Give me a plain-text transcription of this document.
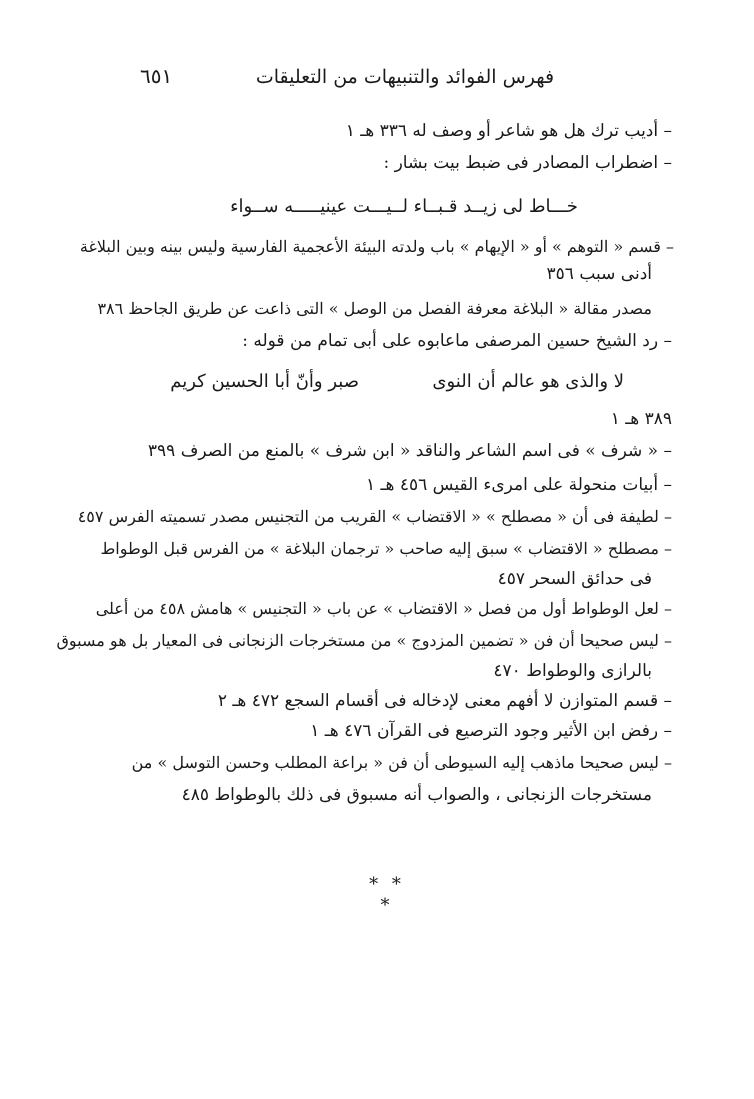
فهرس الفوائد والتنبيهات من التعليقات
٦٥١
– أديب ترك هل هو شاعر أو وصف له ٣٣٦ هـ ١
– اضطراب المصادر فى ضبط بيت بشار :
خـــاط لى زيــد قـبــاء لــيـــت عينيـــــه ســواء
– قسم « التوهم » أو « الإيهام » باب ولدته البيئة الأعجمية الفارسية وليس بينه وبين البلاغة
أدنى سبب ٣٥٦
مصدر مقالة « البلاغة معرفة الفصل من الوصل » التى ذاعت عن طريق الجاحظ ٣٨٦
– رد الشيخ حسين المرصفى ماعابوه على أبى تمام من قوله :
لا والذى هو عالم أن النوى
صبر وأنّ أبا الحسين كريم
٣٨٩ هـ ١
– « شرف » فى اسم الشاعر والناقد « ابن شرف » بالمنع من الصرف ٣٩٩
– أبيات منحولة على امرىء القيس ٤٥٦ هـ ١
– لطيفة فى أن « مصطلح » « الاقتضاب » القريب من التجنيس مصدر تسميته الفرس ٤٥٧
– مصطلح « الاقتضاب » سبق إليه صاحب « ترجمان البلاغة » من الفرس قبل الوطواط
فى حدائق السحر ٤٥٧
– لعل الوطواط أول من فصل « الاقتضاب » عن باب « التجنيس » هامش ٤٥٨ من أعلى
– ليس صحيحا أن فن « تضمين المزدوج » من مستخرجات الزنجانى فى المعيار بل هو مسبوق
بالرازى والوطواط ٤٧٠
– قسم المتوازن لا أفهم معنى لإدخاله فى أقسام السجع ٤٧٢ هـ ٢
– رفض ابن الأثير وجود الترصيع فى القرآن ٤٧٦ هـ ١
– ليس صحيحا ماذهب إليه السيوطى أن فن « براعة المطلب وحسن التوسل » من
مستخرجات الزنجانى ، والصواب أنه مسبوق فى ذلك بالوطواط ٤٨٥
* * *
